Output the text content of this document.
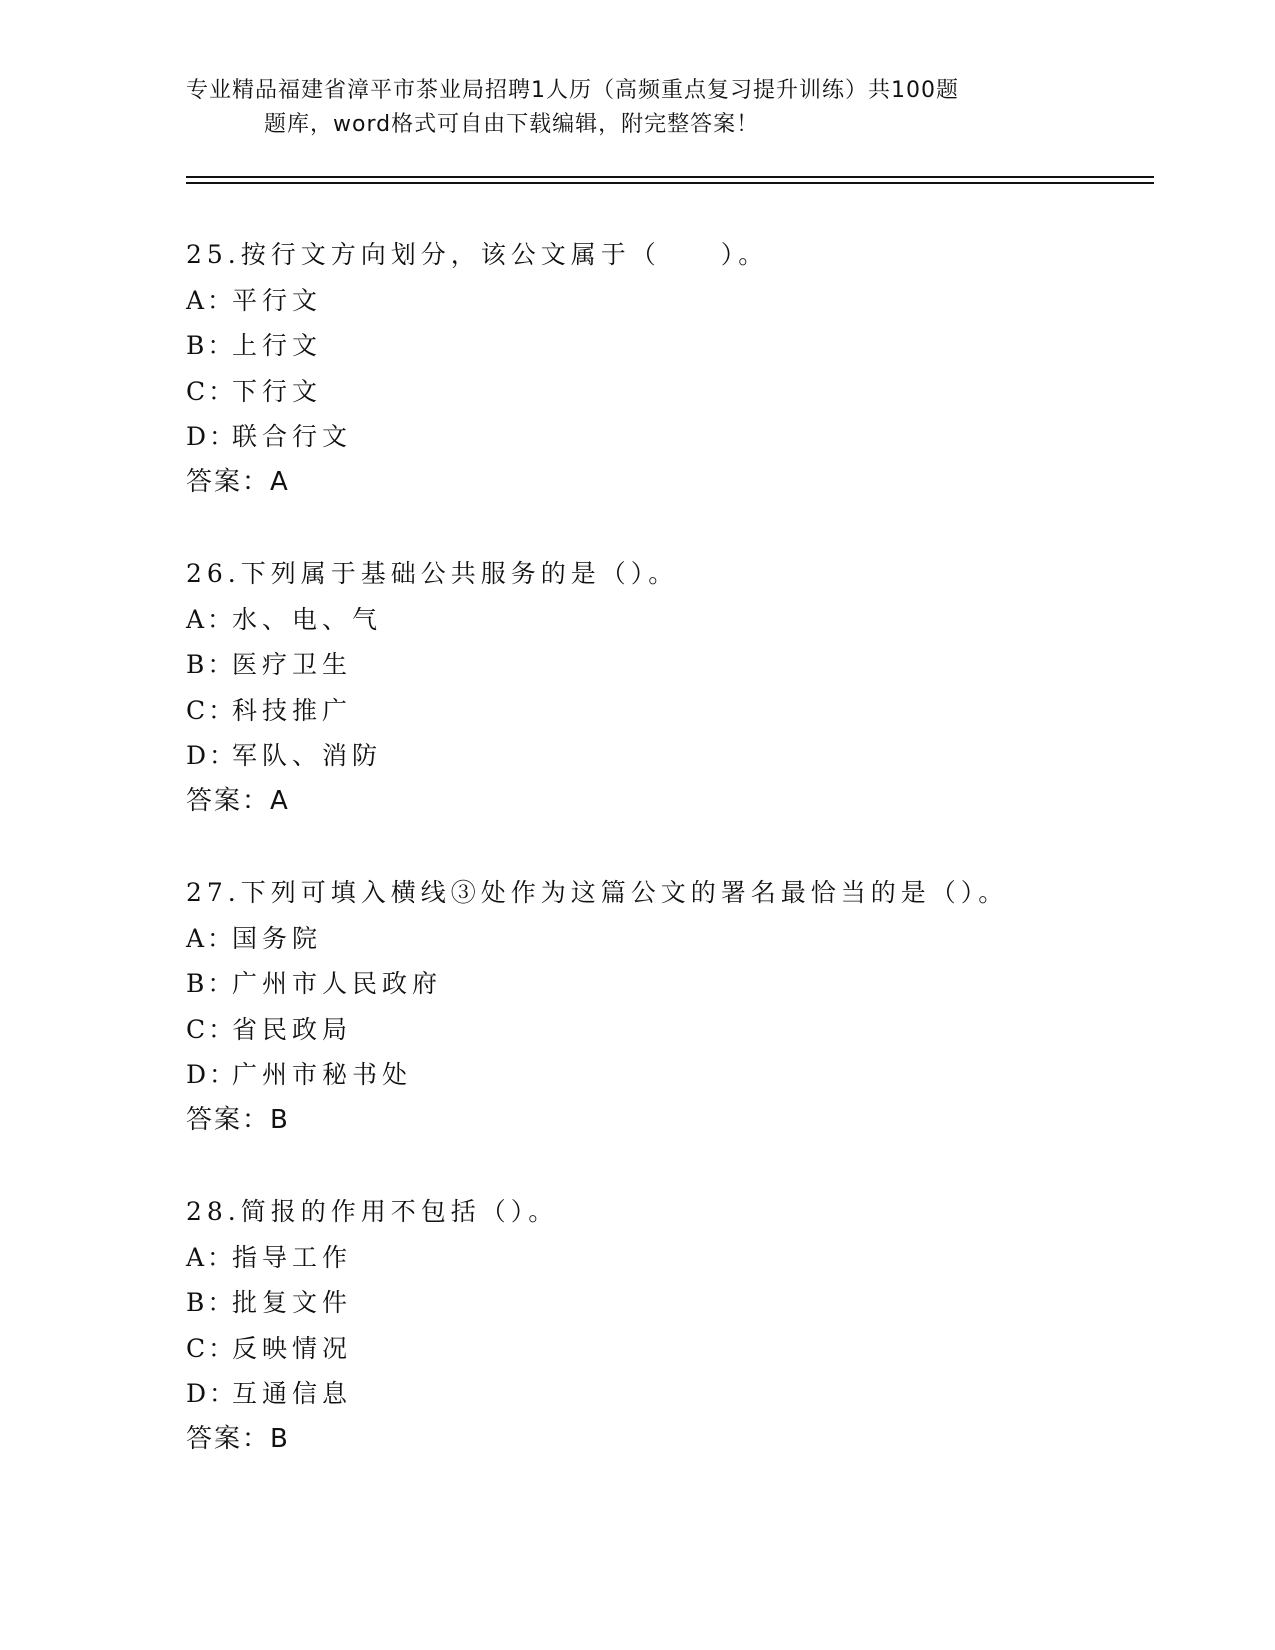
专业精品福建省漳平市茶业局招聘1人历（高频重点复习提升训练）共100题
题库，word格式可自由下载编辑，附完整答案！
25.按行文方向划分，该公文属于（　　）。
A：平行文
B：上行文
C：下行文
D：联合行文
答案：A
26.下列属于基础公共服务的是（）。
A：水、电、气
B：医疗卫生
C：科技推广
D：军队、消防
答案：A
27.下列可填入横线③处作为这篇公文的署名最恰当的是（）。
A：国务院
B：广州市人民政府
C：省民政局
D：广州市秘书处
答案：B
28.简报的作用不包括（）。
A：指导工作
B：批复文件
C：反映情况
D：互通信息
答案：B
